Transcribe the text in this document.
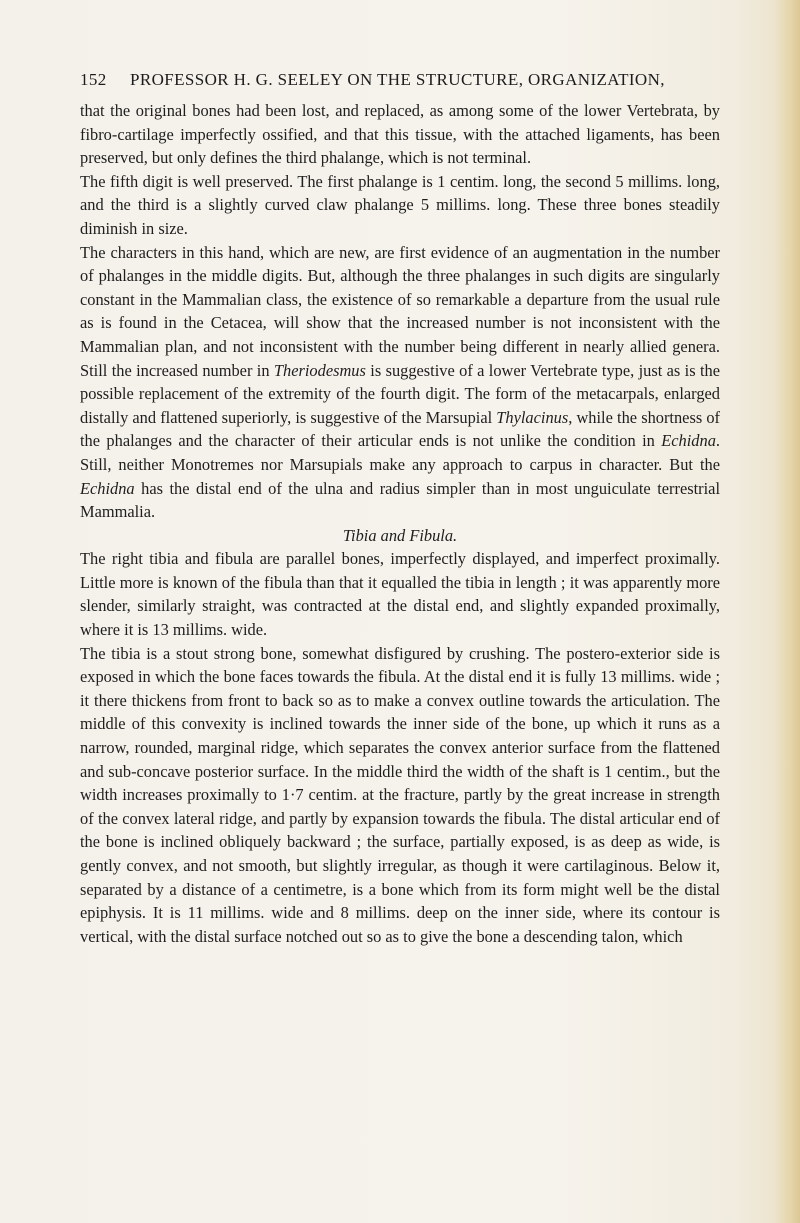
152 PROFESSOR H. G. SEELEY ON THE STRUCTURE, ORGANIZATION,

that the original bones had been lost, and replaced, as among some of the lower Vertebrata, by fibro-cartilage imperfectly ossified, and that this tissue, with the attached ligaments, has been preserved, but only defines the third phalange, which is not terminal.

The fifth digit is well preserved. The first phalange is 1 centim. long, the second 5 millims. long, and the third is a slightly curved claw phalange 5 millims. long. These three bones steadily diminish in size.

The characters in this hand, which are new, are first evidence of an augmentation in the number of phalanges in the middle digits. But, although the three phalanges in such digits are singularly constant in the Mammalian class, the existence of so remarkable a departure from the usual rule as is found in the Cetacea, will show that the increased number is not inconsistent with the Mammalian plan, and not inconsistent with the number being different in nearly allied genera. Still the increased number in Theriodesmus is suggestive of a lower Vertebrate type, just as is the possible replacement of the extremity of the fourth digit. The form of the metacarpals, enlarged distally and flattened superiorly, is suggestive of the Marsupial Thylacinus, while the shortness of the phalanges and the character of their articular ends is not unlike the condition in Echidna. Still, neither Monotremes nor Marsupials make any approach to carpus in character. But the Echidna has the distal end of the ulna and radius simpler than in most unguiculate terrestrial Mammalia.

Tibia and Fibula.

The right tibia and fibula are parallel bones, imperfectly displayed, and imperfect proximally. Little more is known of the fibula than that it equalled the tibia in length ; it was apparently more slender, similarly straight, was contracted at the distal end, and slightly expanded proximally, where it is 13 millims. wide.

The tibia is a stout strong bone, somewhat disfigured by crushing. The postero-exterior side is exposed in which the bone faces towards the fibula. At the distal end it is fully 13 millims. wide ; it there thickens from front to back so as to make a convex outline towards the articulation. The middle of this convexity is inclined towards the inner side of the bone, up which it runs as a narrow, rounded, marginal ridge, which separates the convex anterior surface from the flattened and sub-concave posterior surface. In the middle third the width of the shaft is 1 centim., but the width increases proximally to 1·7 centim. at the fracture, partly by the great increase in strength of the convex lateral ridge, and partly by expansion towards the fibula. The distal articular end of the bone is inclined obliquely backward ; the surface, partially exposed, is as deep as wide, is gently convex, and not smooth, but slightly irregular, as though it were cartilaginous. Below it, separated by a distance of a centimetre, is a bone which from its form might well be the distal epiphysis. It is 11 millims. wide and 8 millims. deep on the inner side, where its contour is vertical, with the distal surface notched out so as to give the bone a descending talon, which
